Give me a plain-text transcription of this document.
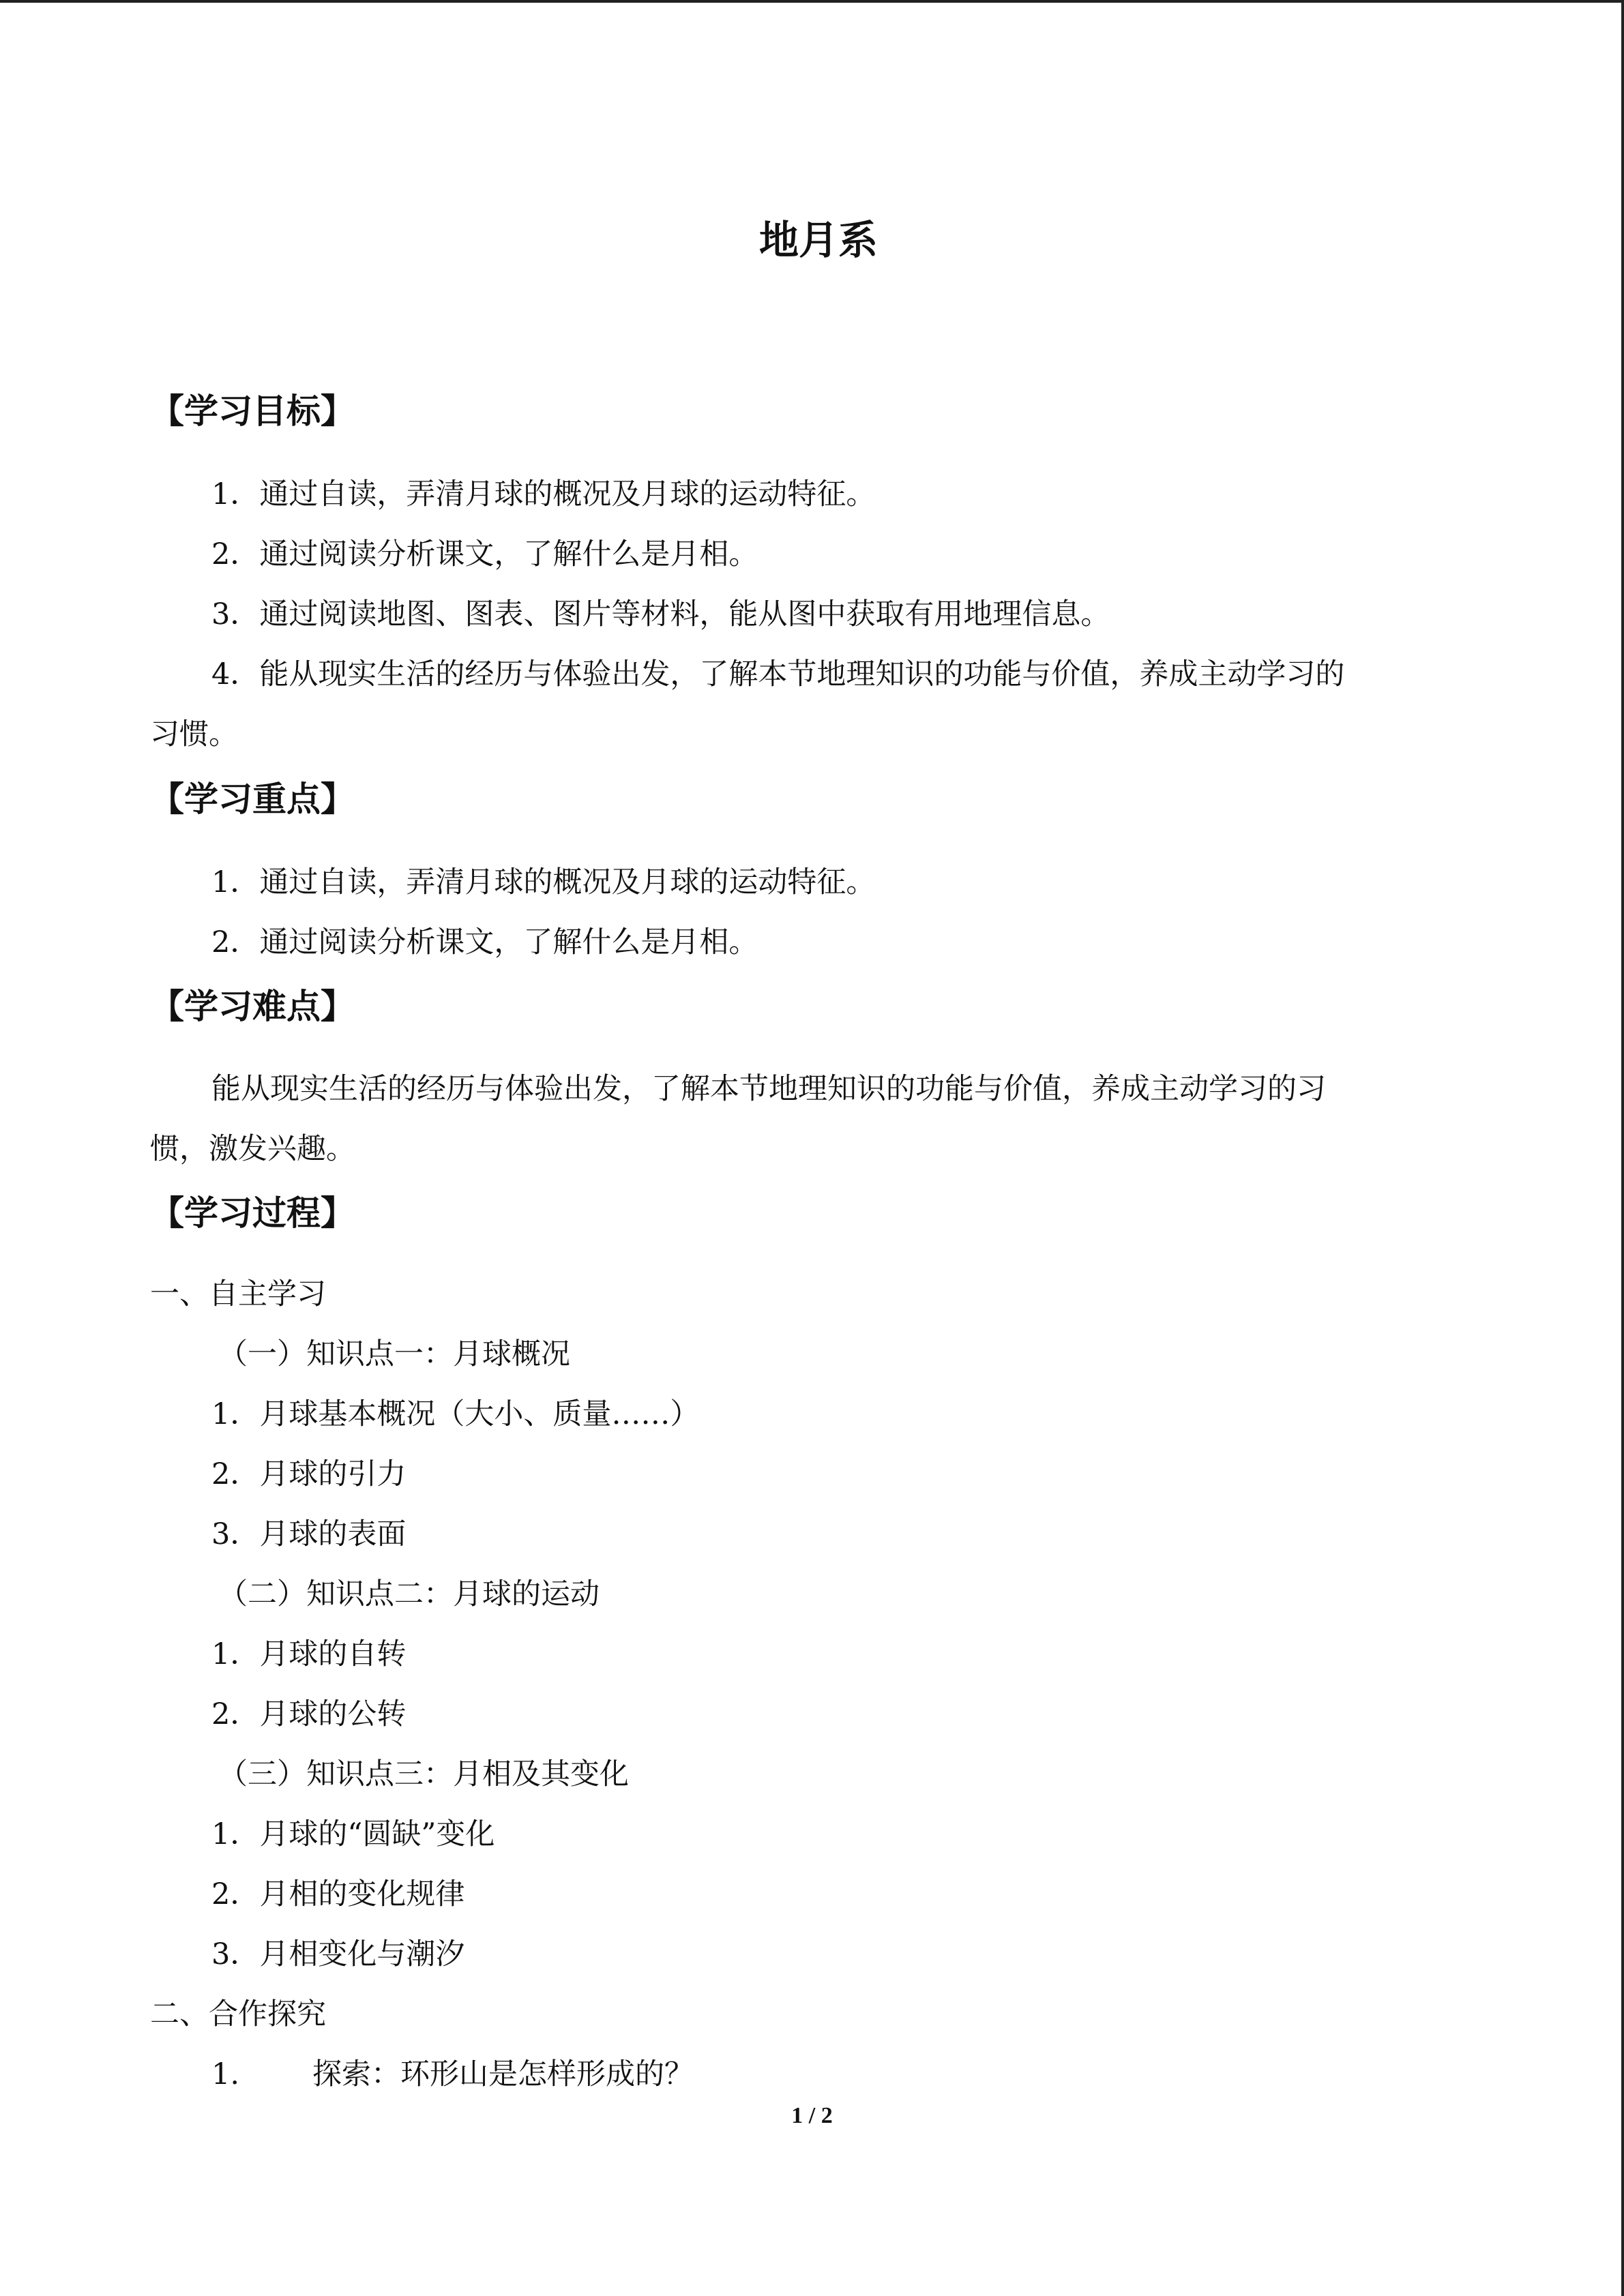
地月系
【学习目标】
1．通过自读，弄清月球的概况及月球的运动特征。
2．通过阅读分析课文，了解什么是月相。
3．通过阅读地图、图表、图片等材料，能从图中获取有用地理信息。
4．能从现实生活的经历与体验出发，了解本节地理知识的功能与价值，养成主动学习的
习惯。
【学习重点】
1．通过自读，弄清月球的概况及月球的运动特征。
2．通过阅读分析课文，了解什么是月相。
【学习难点】
能从现实生活的经历与体验出发，了解本节地理知识的功能与价值，养成主动学习的习
惯，激发兴趣。
【学习过程】
一、自主学习
（一）知识点一：月球概况
1．月球基本概况（大小、质量……）
2．月球的引力
3．月球的表面
（二）知识点二：月球的运动
1．月球的自转
2．月球的公转
（三）知识点三：月相及其变化
1．月球的“圆缺”变化
2．月相的变化规律
3．月相变化与潮汐
二、合作探究
1. 探索：环形山是怎样形成的？
1 / 2
